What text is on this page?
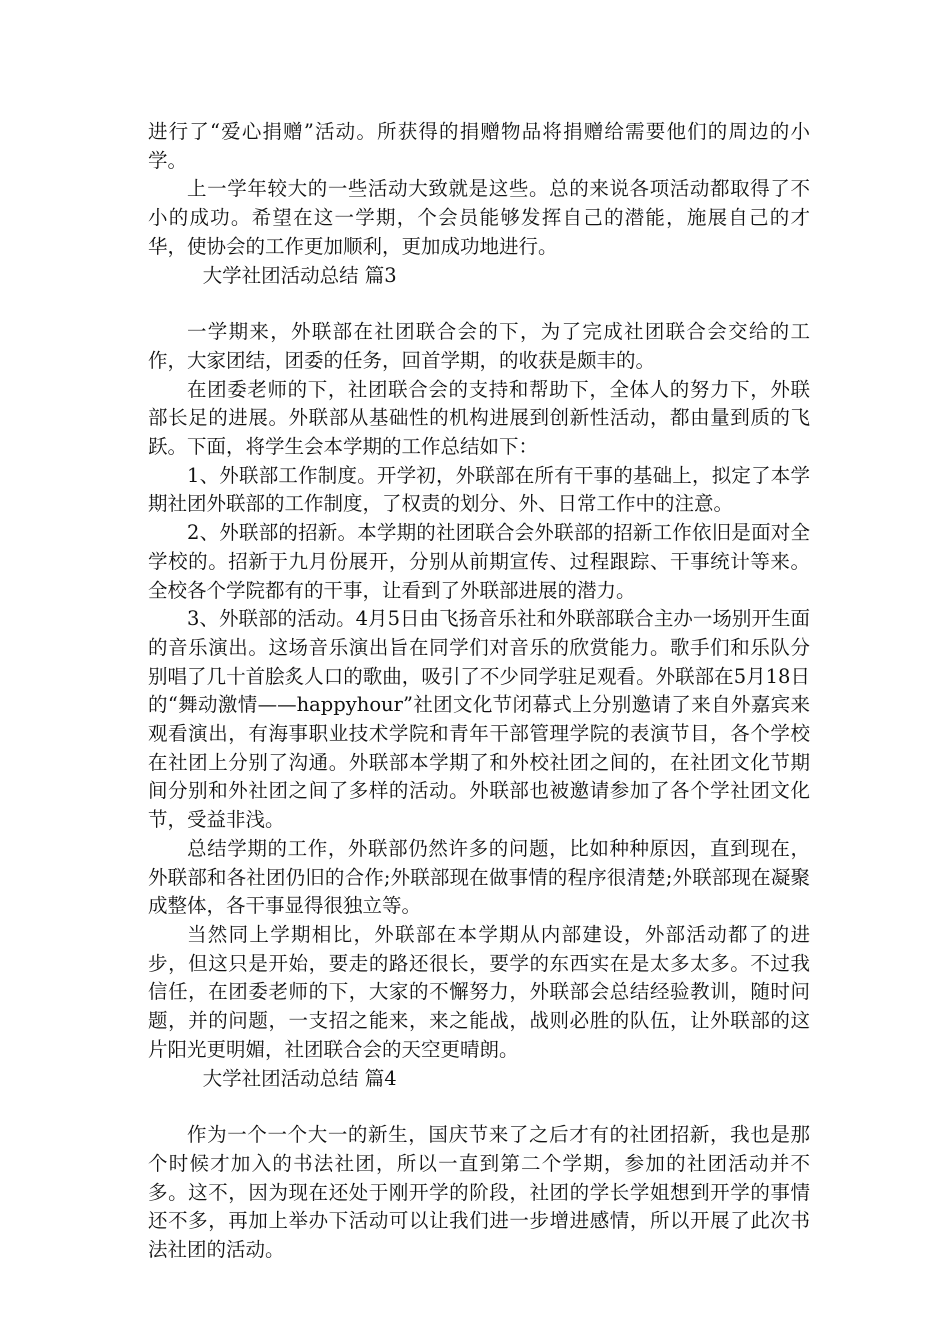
进行了“爱心捐赠”活动。所获得的捐赠物品将捐赠给需要他们的周边的小学。

上一学年较大的一些活动大致就是这些。总的来说各项活动都取得了不小的成功。希望在这一学期，个会员能够发挥自己的潜能，施展自己的才华，使协会的工作更加顺利，更加成功地进行。

大学社团活动总结 篇3

一学期来，外联部在社团联合会的下，为了完成社团联合会交给的工作，大家团结，团委的任务，回首学期，的收获是颇丰的。

在团委老师的下，社团联合会的支持和帮助下，全体人的努力下，外联部长足的进展。外联部从基础性的机构进展到创新性活动，都由量到质的飞跃。下面，将学生会本学期的工作总结如下：

1、外联部工作制度。开学初，外联部在所有干事的基础上，拟定了本学期社团外联部的工作制度，了权责的划分、外、日常工作中的注意。

2、外联部的招新。本学期的社团联合会外联部的招新工作依旧是面对全学校的。招新于九月份展开，分别从前期宣传、过程跟踪、干事统计等来。全校各个学院都有的干事，让看到了外联部进展的潜力。

3、外联部的活动。4月5日由飞扬音乐社和外联部联合主办一场别开生面的音乐演出。这场音乐演出旨在同学们对音乐的欣赏能力。歌手们和乐队分别唱了几十首脍炙人口的歌曲，吸引了不少同学驻足观看。外联部在5月18日的“舞动激情——happyhour”社团文化节闭幕式上分别邀请了来自外嘉宾来观看演出，有海事职业技术学院和青年干部管理学院的表演节目，各个学校在社团上分别了沟通。外联部本学期了和外校社团之间的，在社团文化节期间分别和外社团之间了多样的活动。外联部也被邀请参加了各个学社团文化节，受益非浅。

总结学期的工作，外联部仍然许多的问题，比如种种原因，直到现在，外联部和各社团仍旧的合作;外联部现在做事情的程序很清楚;外联部现在凝聚成整体，各干事显得很独立等。

当然同上学期相比，外联部在本学期从内部建设，外部活动都了的进步，但这只是开始，要走的路还很长，要学的东西实在是太多太多。不过我信任，在团委老师的下，大家的不懈努力，外联部会总结经验教训，随时问题，并的问题，一支招之能来，来之能战，战则必胜的队伍，让外联部的这片阳光更明媚，社团联合会的天空更晴朗。

大学社团活动总结 篇4

作为一个一个大一的新生，国庆节来了之后才有的社团招新，我也是那个时候才加入的书法社团，所以一直到第二个学期，参加的社团活动并不多。这不，因为现在还处于刚开学的阶段，社团的学长学姐想到开学的事情还不多，再加上举办下活动可以让我们进一步增进感情，所以开展了此次书法社团的活动。
